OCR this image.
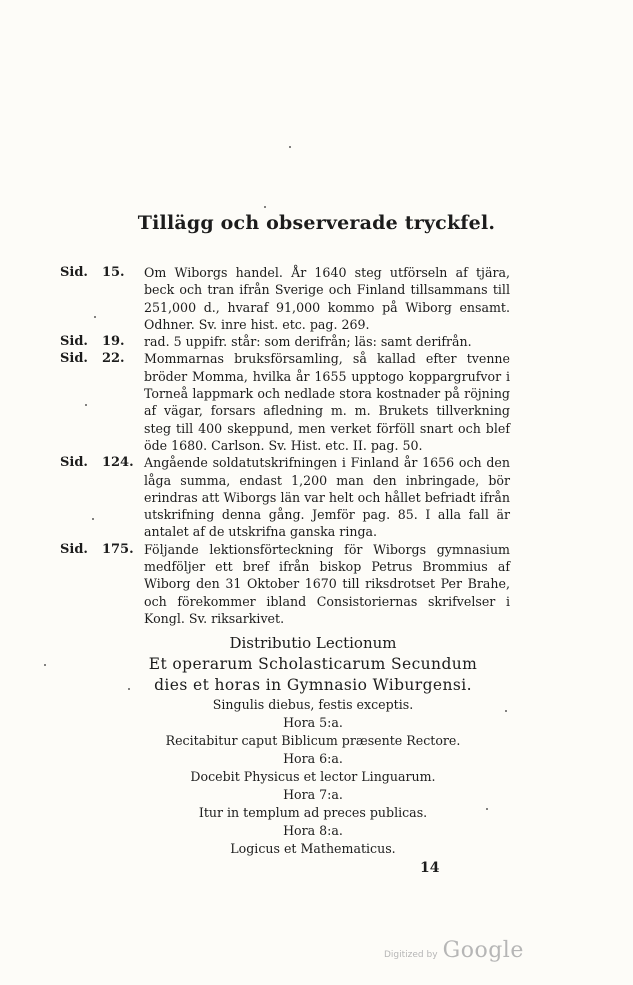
Tillägg och observerade tryckfel.
Sid. 15. Om Wiborgs handel. År 1640 steg utförseln af tjära, beck och tran ifrån Sverige och Finland tillsammans till 251,000 d., hvaraf 91,000 kommo på Wiborg ensamt. Odhner. Sv. inre hist. etc. pag. 269.
Sid. 19. rad. 5 uppifr. står: som derifrån; läs: samt derifrån.
Sid. 22. Mommarnas bruksförsamling, så kallad efter tvenne bröder Momma, hvilka år 1655 upptogo koppargrufvor i Torneå lappmark och nedlade stora kostnader på röjning af vägar, forsars afledning m. m. Brukets tillverkning steg till 400 skeppund, men verket förföll snart och blef öde 1680. Carlson. Sv. Hist. etc. II. pag. 50.
Sid. 124. Angående soldatutskrifningen i Finland år 1656 och den låga summa, endast 1,200 man den inbringade, bör erindras att Wiborgs län var helt och hållet befriadt ifrån utskrifning denna gång. Jemför pag. 85. I alla fall är antalet af de utskrifna ganska ringa.
Sid. 175. Följande lektionsförteckning för Wiborgs gymnasium medföljer ett bref ifrån biskop Petrus Brommius af Wiborg den 31 Oktober 1670 till riksdrotset Per Brahe, och förekommer ibland Consistoriernas skrifvelser i Kongl. Sv. riksarkivet.
Distributio Lectionum
Et operarum Scholasticarum Secundum
dies et horas in Gymnasio Wiburgensi.
Singulis diebus, festis exceptis.
Hora 5:a.
Recitabitur caput Biblicum præsente Rectore.
Hora 6:a.
Docebit Physicus et lector Linguarum.
Hora 7:a.
Itur in templum ad preces publicas.
Hora 8:a.
Logicus et Mathematicus.
14
Digitized by Google
